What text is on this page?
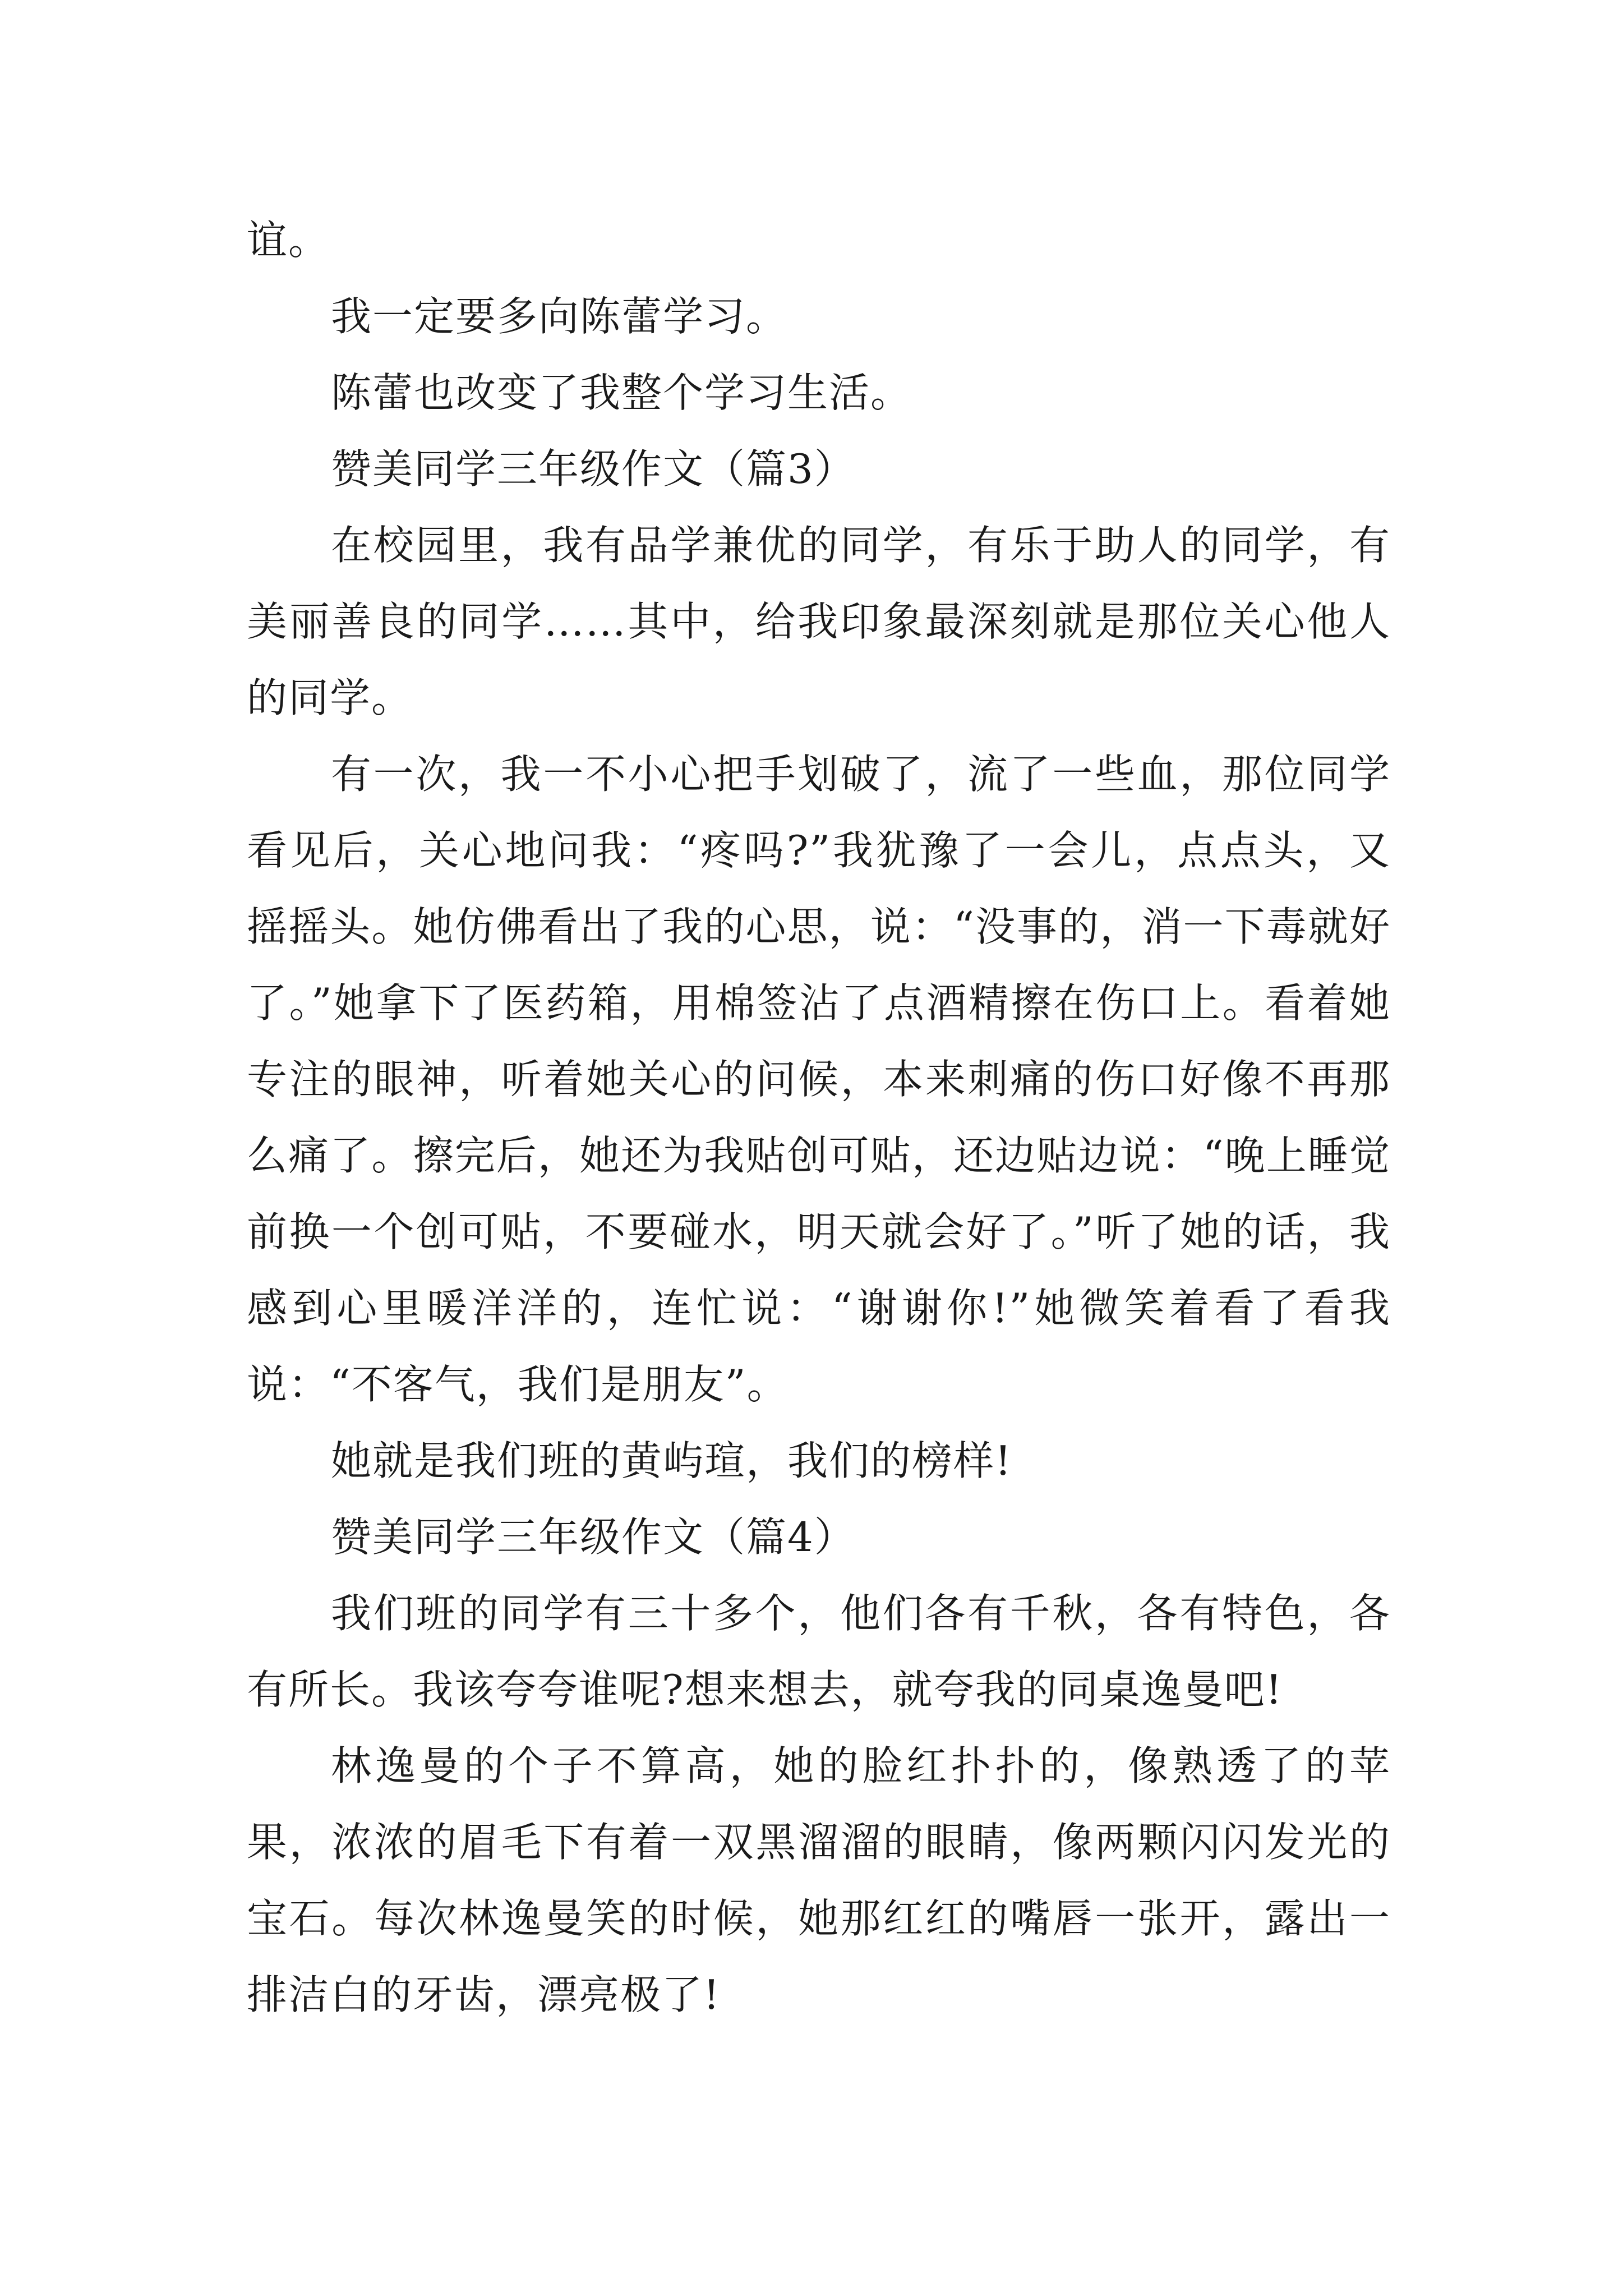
谊。

我一定要多向陈蕾学习。

陈蕾也改变了我整个学习生活。

赞美同学三年级作文（篇3）

在校园里，我有品学兼优的同学，有乐于助人的同学，有美丽善良的同学……其中，给我印象最深刻就是那位关心他人的同学。

有一次，我一不小心把手划破了，流了一些血，那位同学看见后，关心地问我：“疼吗?”我犹豫了一会儿，点点头，又摇摇头。她仿佛看出了我的心思，说：“没事的，消一下毒就好了。”她拿下了医药箱，用棉签沾了点酒精擦在伤口上。看着她专注的眼神，听着她关心的问候，本来刺痛的伤口好像不再那么痛了。擦完后，她还为我贴创可贴，还边贴边说：“晚上睡觉前换一个创可贴，不要碰水，明天就会好了。”听了她的话，我感到心里暖洋洋的，连忙说：“谢谢你!”她微笑着看了看我说：“不客气，我们是朋友”。

她就是我们班的黄屿瑄，我们的榜样!

赞美同学三年级作文（篇4）

我们班的同学有三十多个，他们各有千秋，各有特色，各有所长。我该夸夸谁呢?想来想去，就夸我的同桌逸曼吧!

林逸曼的个子不算高，她的脸红扑扑的，像熟透了的苹果，浓浓的眉毛下有着一双黑溜溜的眼睛，像两颗闪闪发光的宝石。每次林逸曼笑的时候，她那红红的嘴唇一张开，露出一排洁白的牙齿，漂亮极了!
